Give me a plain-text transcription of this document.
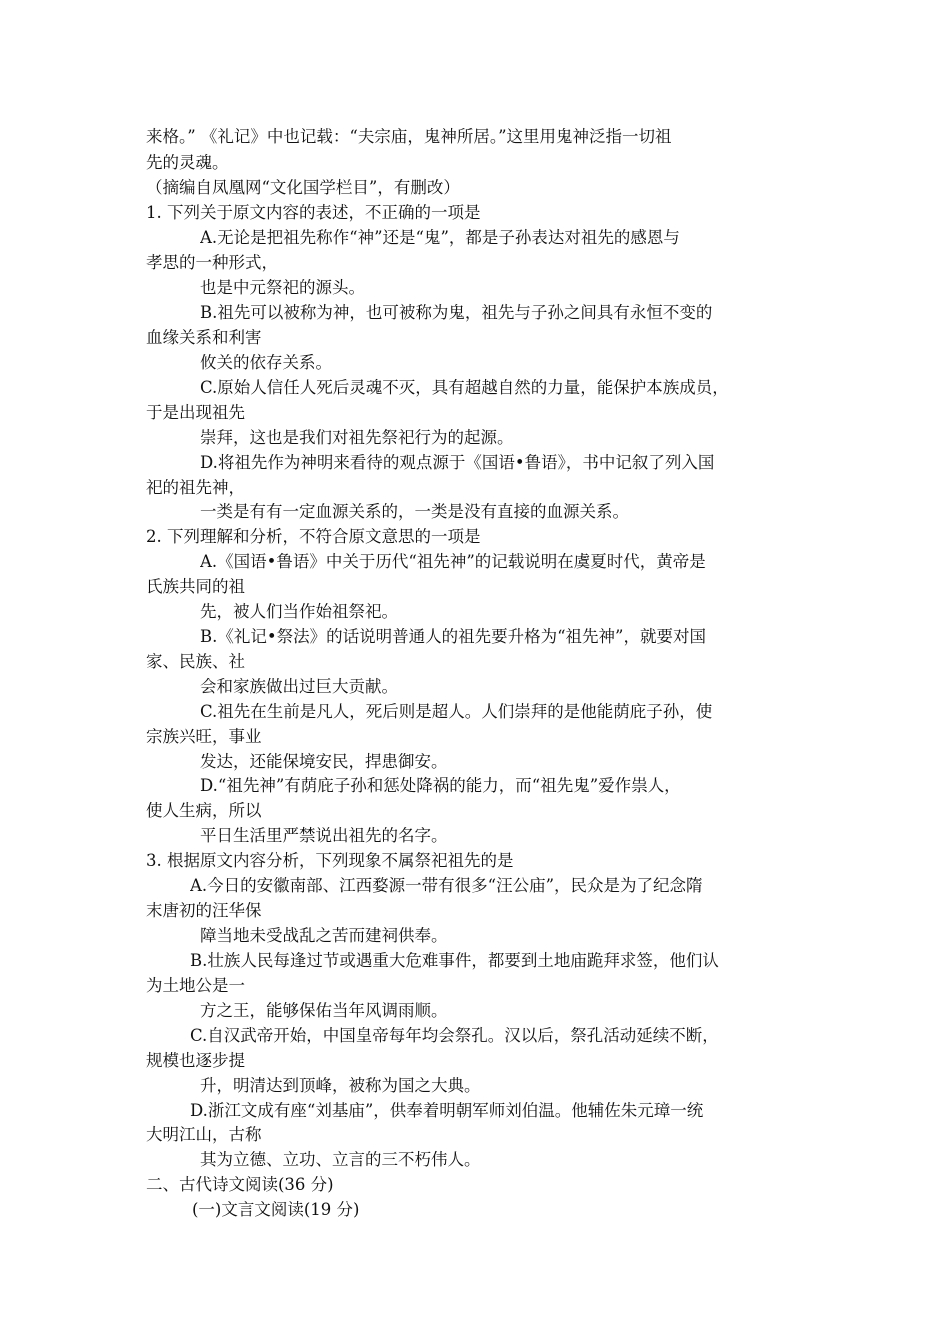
来格。” 《礼记》中也记载：“夫宗庙，鬼神所居。”这里用鬼神泛指一切祖
先的灵魂。
（摘编自凤凰网“文化国学栏目”，有删改）
1. 下列关于原文内容的表述，不正确的一项是
A.无论是把祖先称作“神”还是“鬼”，都是子孙表达对祖先的感恩与
孝思的一种形式，
也是中元祭祀的源头。
B.祖先可以被称为神，也可被称为鬼，祖先与子孙之间具有永恒不变的
血缘关系和利害
攸关的依存关系。
C.原始人信任人死后灵魂不灭，具有超越自然的力量，能保护本族成员，
于是出现祖先
崇拜，这也是我们对祖先祭祀行为的起源。
D.将祖先作为神明来看待的观点源于《国语•鲁语》，书中记叙了列入国
祀的祖先神，
一类是有有一定血源关系的，一类是没有直接的血源关系。
2. 下列理解和分析，不符合原文意思的一项是
A.《国语•鲁语》中关于历代“祖先神”的记载说明在虞夏时代，黄帝是
氏族共同的祖
先，被人们当作始祖祭祀。
B.《礼记•祭法》的话说明普通人的祖先要升格为“祖先神”，就要对国
家、民族、社
会和家族做出过巨大贡献。
C.祖先在生前是凡人，死后则是超人。人们崇拜的是他能荫庇子孙，使
宗族兴旺，事业
发达，还能保境安民，捍患御安。
D.“祖先神”有荫庇子孙和惩处降祸的能力，而“祖先鬼”爱作祟人，
使人生病，所以
平日生活里严禁说出祖先的名字。
3. 根据原文内容分析，下列现象不属祭祀祖先的是
A.今日的安徽南部、江西婺源一带有很多“汪公庙”，民众是为了纪念隋
末唐初的汪华保
障当地未受战乱之苦而建祠供奉。
B.壮族人民每逢过节或遇重大危难事件，都要到土地庙跪拜求签，他们认
为土地公是一
方之王，能够保佑当年风调雨顺。
C.自汉武帝开始，中国皇帝每年均会祭孔。汉以后，祭孔活动延续不断，
规模也逐步提
升，明清达到顶峰，被称为国之大典。
D.浙江文成有座“刘基庙”，供奉着明朝军师刘伯温。他辅佐朱元璋一统
大明江山，古称
其为立德、立功、立言的三不朽伟人。
二、古代诗文阅读(36 分)
(一)文言文阅读(19 分)
